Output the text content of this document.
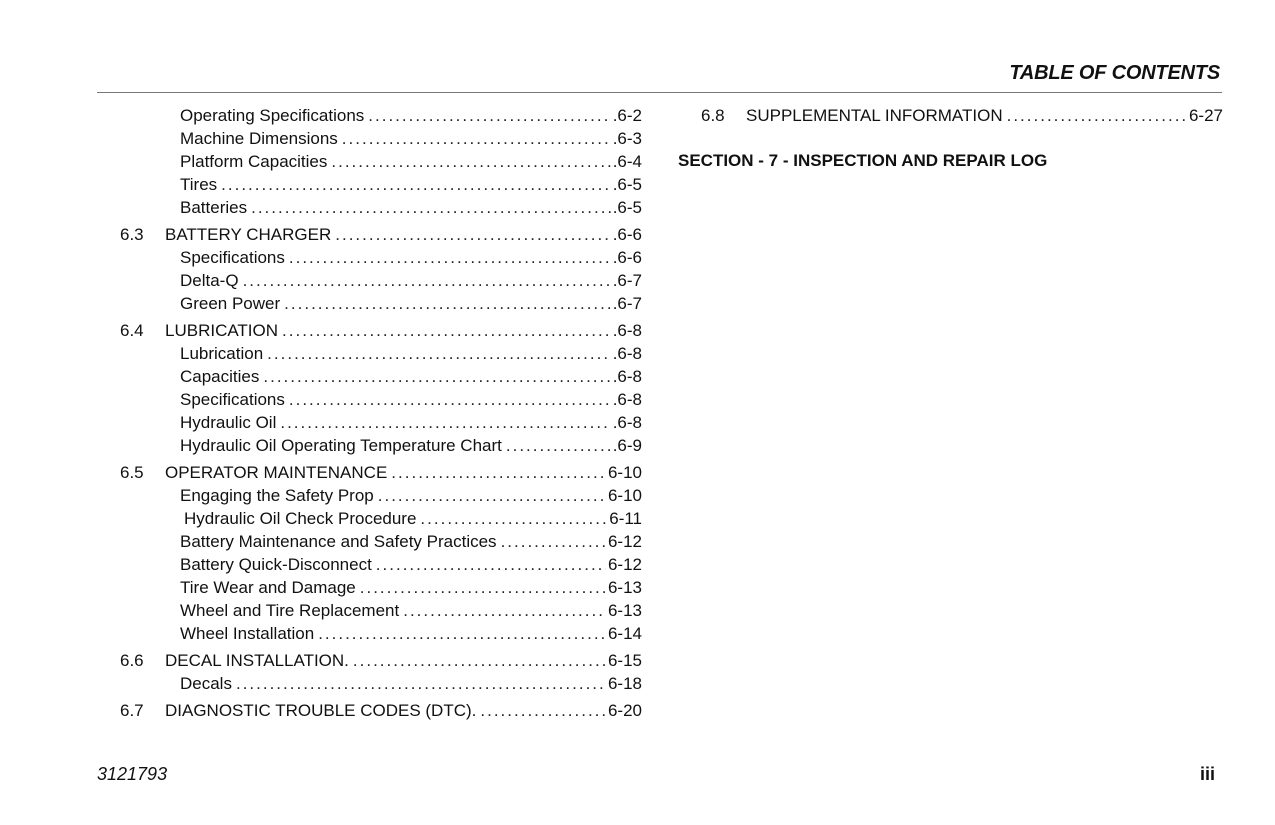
TABLE OF CONTENTS
Operating Specifications .....	.6-2
Machine Dimensions .....	.6-3
Platform Capacities .....	.6-4
Tires .....	.6-5
Batteries .....	.6-5
6.3	BATTERY CHARGER .....	.6-6
Specifications .....	.6-6
Delta-Q .....	.6-7
Green Power .....	.6-7
6.4	LUBRICATION .....	.6-8
Lubrication .....	.6-8
Capacities .....	.6-8
Specifications .....	.6-8
Hydraulic Oil .....	.6-8
Hydraulic Oil Operating Temperature Chart .....	.6-9
6.5	OPERATOR MAINTENANCE .....	6-10
Engaging the Safety Prop .....	6-10
Hydraulic Oil Check Procedure .....	6-11
Battery Maintenance and Safety Practices .....	6-12
Battery Quick-Disconnect .....	6-12
Tire Wear and Damage .....	6-13
Wheel and Tire Replacement .....	6-13
Wheel Installation .....	6-14
6.6	DECAL INSTALLATION. .....	6-15
Decals .....	6-18
6.7	DIAGNOSTIC TROUBLE CODES (DTC). .....	6-20
6.8	SUPPLEMENTAL INFORMATION .....	6-27
SECTION - 7 - INSPECTION AND REPAIR LOG
3121793	iii
